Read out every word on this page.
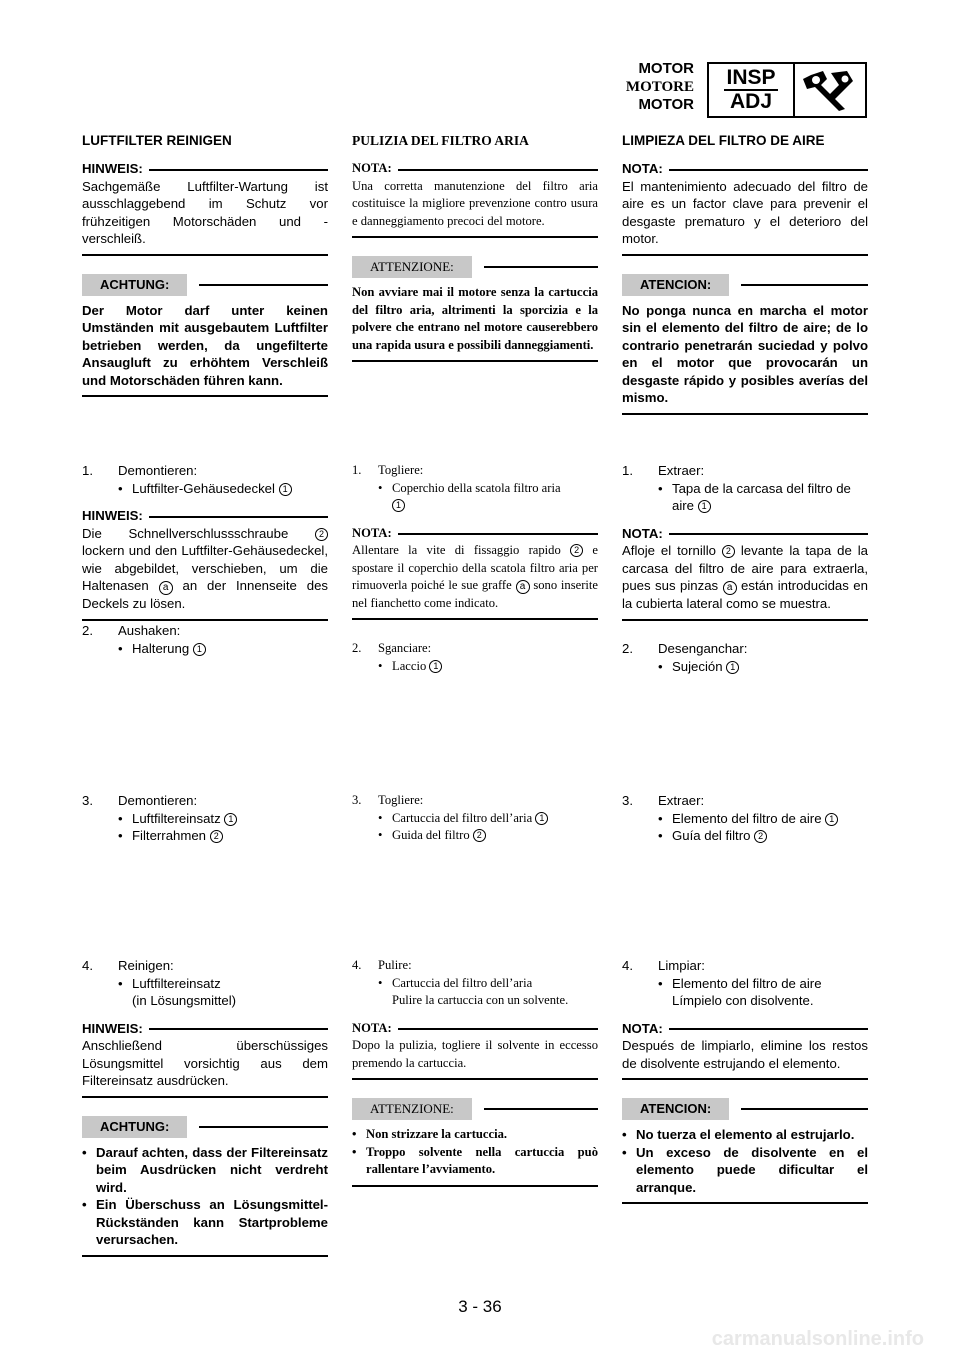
MOTOR
MOTORE
MOTOR
INSP
ADJ
LUFTFILTER REINIGEN
HINWEIS:
Sachgemäße Luftfilter-Wartung ist ausschlaggebend im Schutz vor frühzeitigen Motorschäden und -verschleiß.
ACHTUNG:
Der Motor darf unter keinen Umständen mit ausgebautem Luftfilter betrieben werden, da ungefilterte Ansaugluft zu erhöhtem Verschleiß und Motorschäden führen kann.
1.	Demontieren:
• Luftfilter-Gehäusedeckel 1
HINWEIS:
Die Schnellverschlussschraube	2 lockern und den Luftfilter-Gehäusedeckel, wie abgebildet, verschieben, um die Haltenasen a an der Innenseite des Deckels zu lösen.
2.	Aushaken:
• Halterung 1
3.	Demontieren:
• Luftfiltereinsatz 1
• Filterrahmen 2
4.	Reinigen:
• Luftfiltereinsatz
(in Lösungsmittel)
HINWEIS:
Anschließend überschüssiges Lösungsmittel vorsichtig aus dem Filtereinsatz ausdrücken.
ACHTUNG:
• Darauf achten, dass der Filtereinsatz beim Ausdrücken nicht verdreht wird.
• Ein Überschuss an Lösungsmittel-Rückständen kann Startprobleme verursachen.
PULIZIA DEL FILTRO ARIA
NOTA:
Una corretta manutenzione del filtro aria costituisce la migliore prevenzione contro usura e danneggiamento precoci del motore.
ATTENZIONE:
Non avviare mai il motore senza la cartuccia del filtro aria, altrimenti la sporcizia e la polvere che entrano nel motore causerebbero una rapida usura e possibili danneggiamenti.
1.	Togliere:
• Coperchio della scatola filtro aria
1
NOTA:
Allentare la vite di fissaggio rapido 2 e spostare il coperchio della scatola filtro aria per rimuoverla poiché le sue graffe a sono inserite nel fianchetto come indicato.
2.	Sganciare:
• Laccio 1
3.	Togliere:
• Cartuccia del filtro dell’aria 1
• Guida del filtro 2
4.	Pulire:
• Cartuccia del filtro dell’aria
Pulire la cartuccia con un solvente.
NOTA:
Dopo la pulizia, togliere il solvente in eccesso premendo la cartuccia.
ATTENZIONE:
• Non strizzare la cartuccia.
• Troppo solvente nella cartuccia può rallentare l’avviamento.
LIMPIEZA DEL FILTRO DE AIRE
NOTA:
El mantenimiento adecuado del filtro de aire es un factor clave para prevenir el desgaste prematuro y el deterioro del motor.
ATENCION:
No ponga nunca en marcha el motor sin el elemento del filtro de aire; de lo contrario penetrarán suciedad y polvo en el motor que provocarán un desgaste rápido y posibles averías del mismo.
1.	Extraer:
• Tapa de la carcasa del filtro de aire 1
NOTA:
Afloje el tornillo 2 levante la tapa de la carcasa del filtro de aire para extraerla, pues sus pinzas a están introducidas en la cubierta lateral como se muestra.
2.	Desenganchar:
• Sujeción 1
3.	Extraer:
• Elemento del filtro de aire 1
• Guía del filtro 2
4.	Limpiar:
• Elemento del filtro de aire
Límpielo con disolvente.
NOTA:
Después de limpiarlo, elimine los restos de disolvente estrujando el elemento.
ATENCION:
• No tuerza el elemento al estrujarlo.
• Un exceso de disolvente en el elemento puede dificultar el arranque.
3 - 36
carmanualsonline.info
